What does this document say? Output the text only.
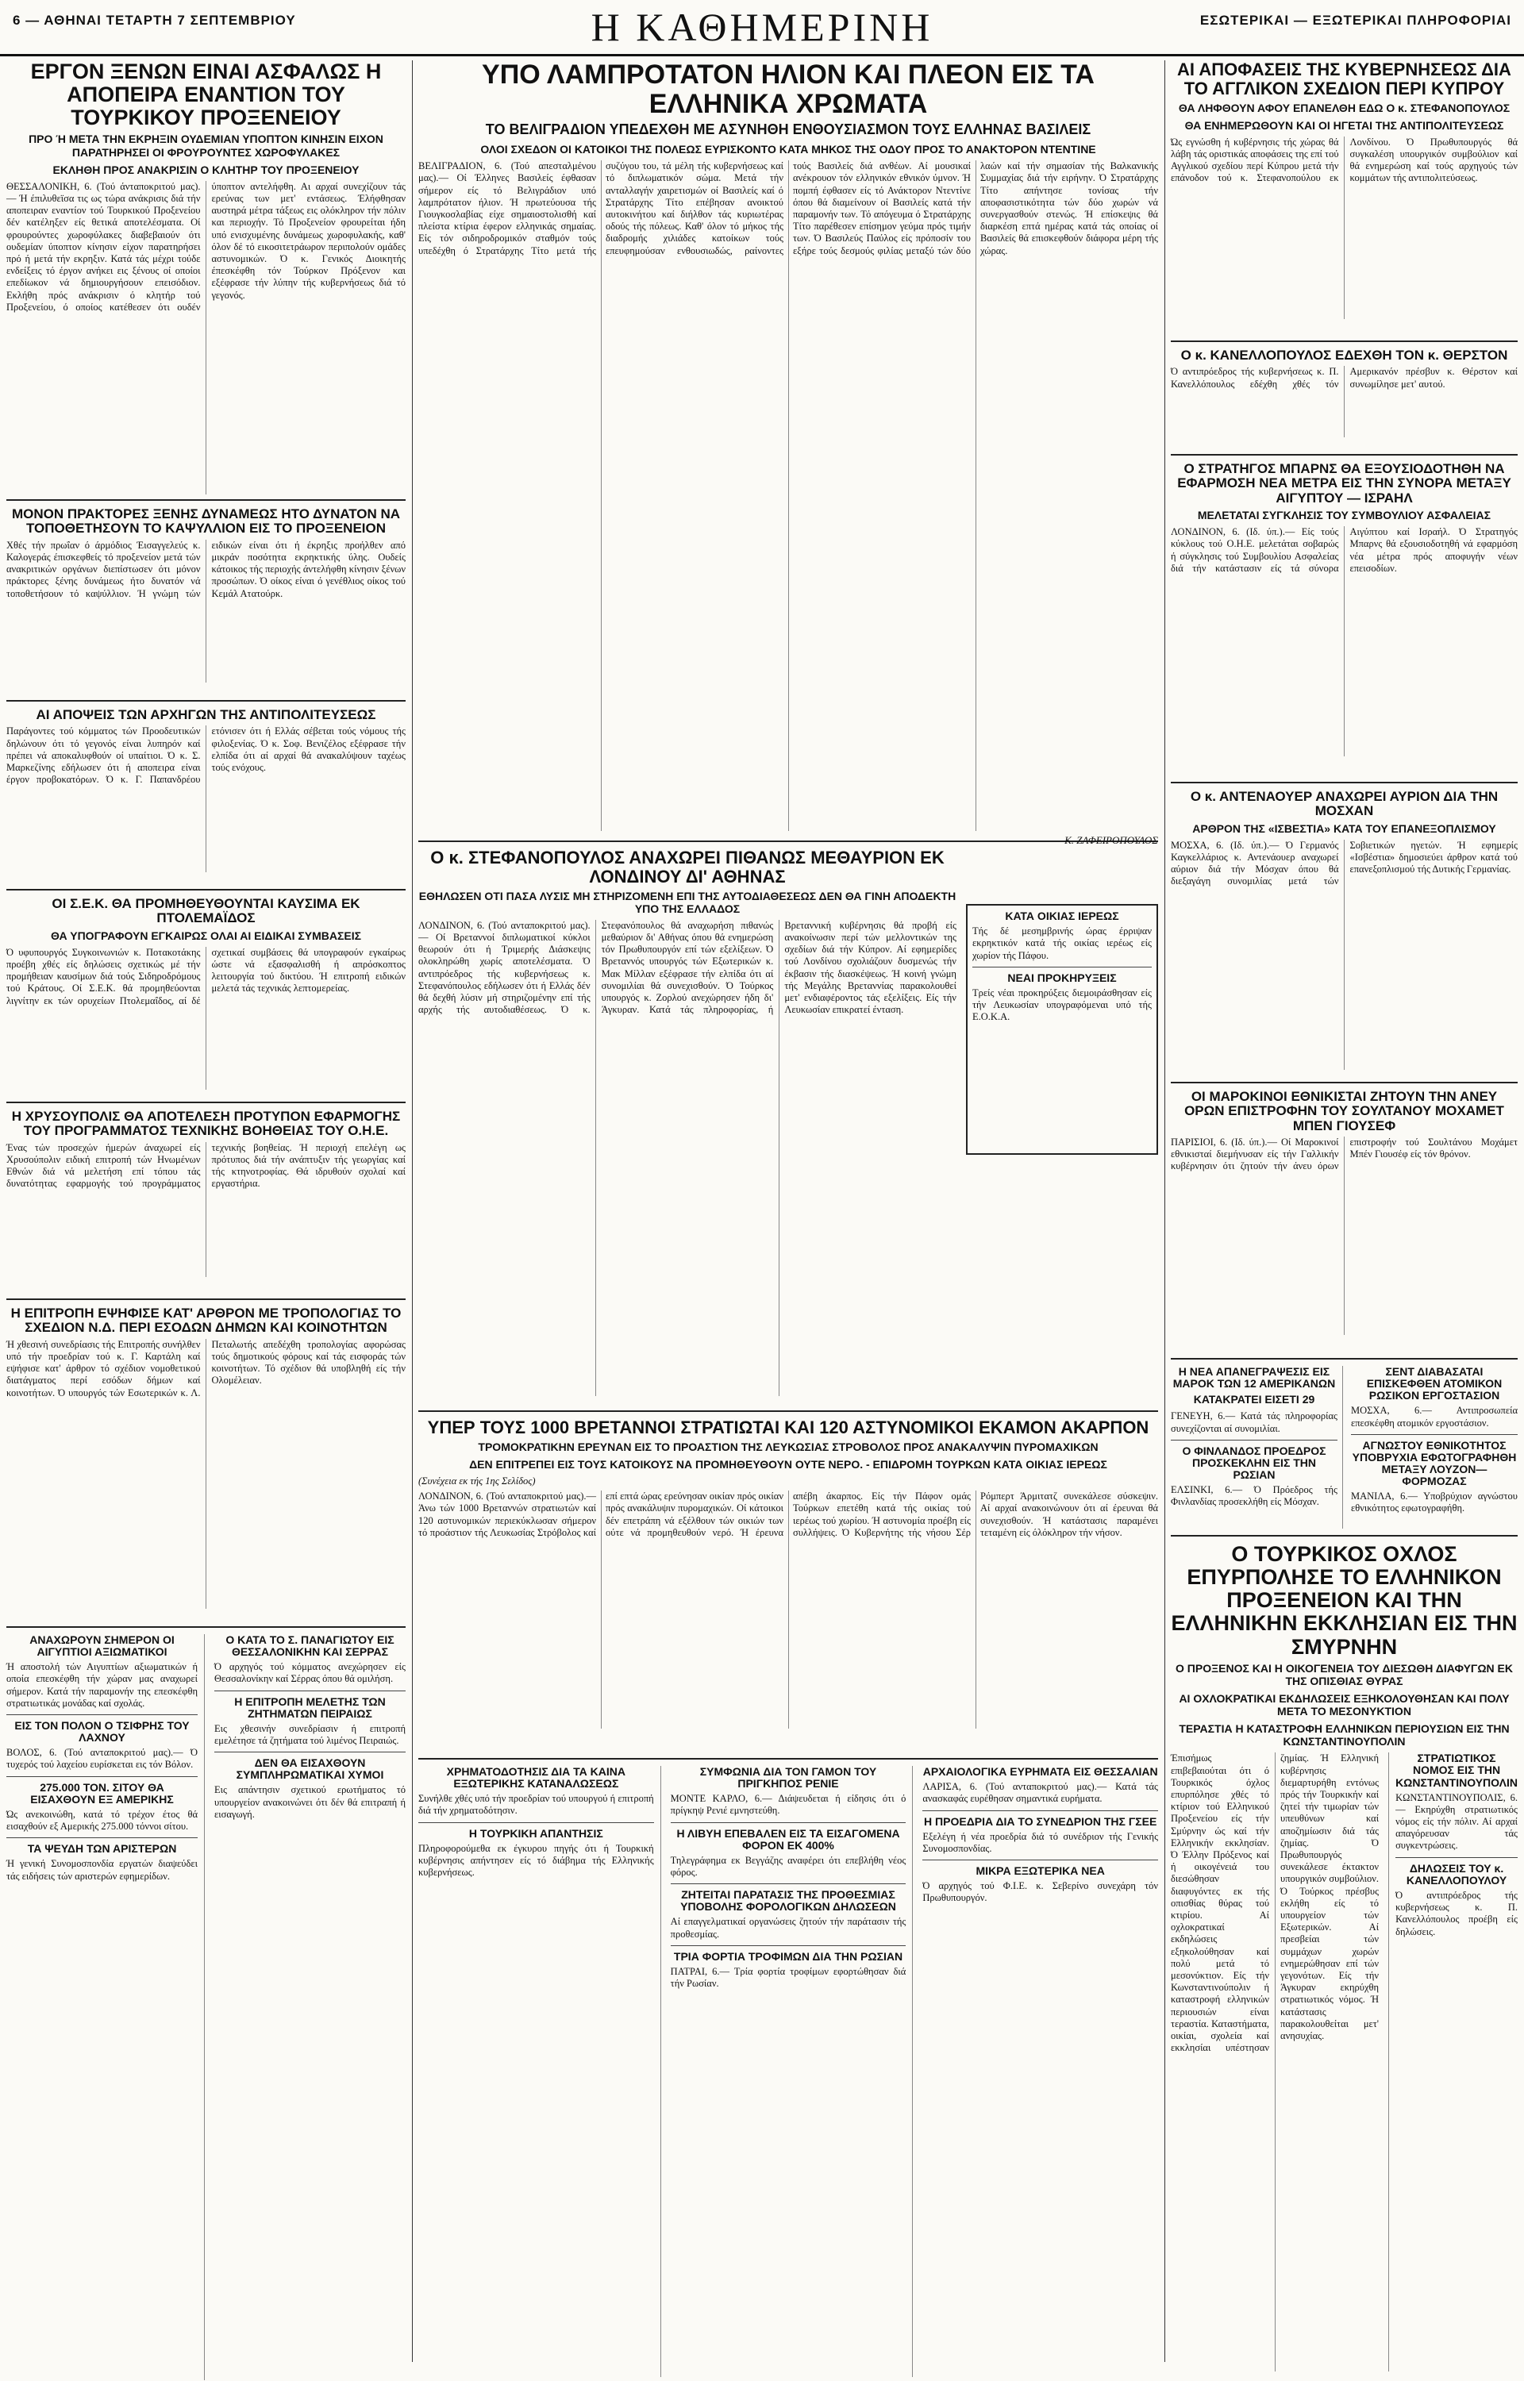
6 — ΑΘΗΝΑΙ ΤΕΤΑΡΤΗ 7 ΣΕΠΤΕΜΒΡΙΟΥ	Η ΚΑΘΗΜΕΡΙΝΗ	ΕΣΩΤΕΡΙΚΑΙ — ΕΞΩΤΕΡΙΚΑΙ ΠΛΗΡΟΦΟΡΙΑΙ
ΕΡΓΟΝ ΞΕΝΩΝ ΕΙΝΑΙ ΑΣΦΑΛΩΣ Η ΑΠΟΠΕΙΡΑ ΕΝΑΝΤΙΟΝ ΤΟΥ ΤΟΥΡΚΙΚΟΥ ΠΡΟΞΕΝΕΙΟΥ
ΠΡΟ Ή ΜΕΤΑ ΤΗΝ ΕΚΡΗΞΙΝ ΟΥΔΕΜΙΑΝ ΥΠΟΠΤΟΝ ΚΙΝΗΣΙΝ ΕΙΧΟΝ ΠΑΡΑΤΗΡΗΣΕΙ ΟΙ ΦΡΟΥΡΟΥΝΤΕΣ ΧΩΡΟΦΥΛΑΚΕΣ
ΕΚΛΗΘΗ ΠΡΟΣ ΑΝΑΚΡΙΣΙΝ Ο ΚΛΗΤΗΡ ΤΟΥ ΠΡΟΞΕΝΕΙΟΥ

ΘΕΣΣΑΛΟΝΙΚΗ, 6. (Τού άνταποκριτού μας).— Ή έπιλυθεϊσα τις ως τώρα ανάκρισις διά τήν αποπειραν εναντίον τού Τουρκικού Προξενείου δέν κατέληξεν είς θετικά αποτελέσματα. Οί φρουρούντες χωροφύλακες διαβεβαιούν ότι ουδεμίαν ύποπτον κίνησιν είχον παρατηρήσει πρό ή μετά τήν εκρηξιν. Κατά τάς μέχρι τούδε ενδείξεις τό έργον ανήκει εις ξένους οί οποίοι επεδίωκον νά δημιουργήσουν επεισόδιον. Εκλήθη πρός ανάκρισιν ό κλητήρ τού Προξενείου, ό οποίος κατέθεσεν ότι ουδέν ύποπτον αντελήφθη. Αι αρχαί συνεχίζουν τάς ερεύνας των μετ' εντάσεως. Έλήφθησαν αυστηρά μέτρα τάξεως εις ολόκληρον τήν πόλιν και περιοχήν. Τό Προξενείον φρουρείται ήδη υπό ενισχυμένης δυνάμεως χωροφυλακής, καθ' όλον δέ τό εικοσιτετράωρον περιπολούν ομάδες αστυνομικών. Ό κ. Γενικός Διοικητής έπεσκέφθη τόν Τούρκον Πρόξενον και εξέφρασε τήν λύπην τής κυβερνήσεως διά τό γεγονός.

ΜΟΝΟΝ ΠΡΑΚΤΟΡΕΣ ΞΕΝΗΣ ΔΥΝΑΜΕΩΣ ΗΤΟ ΔΥΝΑΤΟΝ ΝΑ ΤΟΠΟΘΕΤΗΣΟΥΝ ΤΟ ΚΑΨΥΛΛΙΟΝ ΕΙΣ ΤΟ ΠΡΟΞΕΝΕΙΟΝ

Χθές τήν πρωΐαν ό άρμόδιος Έισαγγελεύς κ. Καλογεράς έπισκεφθείς τό προξενείον μετά τών ανακριτικών οργάνων διεπίστωσεν ότι μόνον πράκτορες ξένης δυνάμεως ήτο δυνατόν νά τοποθετήσουν τό καψύλλιον. Ή γνώμη τών ειδικών είναι ότι ή έκρηξις προήλθεν από μικράν ποσότητα εκρηκτικής ύλης. Ουδείς κάτοικος τής περιοχής άντελήφθη κίνησιν ξένων προσώπων. Ό οίκος είναι ό γενέθλιος οίκος τού Κεμάλ Ατατούρκ.

ΑΙ ΑΠΟΨΕΙΣ ΤΩΝ ΑΡΧΗΓΩΝ ΤΗΣ ΑΝΤΙΠΟΛΙΤΕΥΣΕΩΣ

Παράγοντες τού κόμματος τών Προοδευτικών δηλώνουν ότι τό γεγονός είναι λυπηρόν καί πρέπει νά αποκαλυφθούν οί υπαίτιοι. Ό κ. Σ. Μαρκεζίνης εδήλωσεν ότι ή αποπειρα είναι έργον προβοκατόρων. Ό κ. Γ. Παπανδρέου ετόνισεν ότι ή Ελλάς σέβεται τούς νόμους τής φιλοξενίας. Ό κ. Σοφ. Βενιζέλος εξέφρασε τήν ελπίδα ότι αί αρχαί θά ανακαλύψουν ταχέως τούς ενόχους.

ΟΙ Σ.Ε.Κ. ΘΑ ΠΡΟΜΗΘΕΥΘΟΥΝΤΑΙ ΚΑΥΣΙΜΑ ΕΚ ΠΤΟΛΕΜΑΪΔΟΣ
ΘΑ ΥΠΟΓΡΑΦΟΥΝ ΕΓΚΑΙΡΩΣ ΟΛΑΙ ΑΙ ΕΙΔΙΚΑΙ ΣΥΜΒΑΣΕΙΣ

Ό υφυπουργός Συγκοινωνιών κ. Ποτακοτάκης προέβη χθές είς δηλώσεις σχετικώς μέ τήν προμήθειαν καυσίμων διά τούς Σιδηροδρόμους τού Κράτους. Οί Σ.Ε.Κ. θά προμηθεύονται λιγνίτην εκ τών ορυχείων Πτολεμαΐδος, αί δέ σχετικαί συμβάσεις θά υπογραφούν εγκαίρως ώστε νά εξασφαλισθή ή απρόσκοπτος λειτουργία τού δικτύου. Ή επιτροπή ειδικών μελετά τάς τεχνικάς λεπτομερείας.

Η ΧΡΥΣΟΥΠΟΛΙΣ ΘΑ ΑΠΟΤΕΛΕΣΗ ΠΡΟΤΥΠΟΝ ΕΦΑΡΜΟΓΗΣ ΤΟΥ ΠΡΟΓΡΑΜΜΑΤΟΣ ΤΕΧΝΙΚΗΣ ΒΟΗΘΕΙΑΣ ΤΟΥ Ο.Η.Ε.

Ένας τών προσεχών ήμερών άναχωρεί είς Χρυσούπολιν ειδική επιτροπή τών Ηνωμένων Εθνών διά νά μελετήση επί τόπου τάς δυνατότητας εφαρμογής τού προγράμματος τεχνικής βοηθείας. Ή περιοχή επελέγη ως πρότυπος διά τήν ανάπτυξιν τής γεωργίας καί τής κτηνοτροφίας. Θά ιδρυθούν σχολαί καί εργαστήρια.

Η ΕΠΙΤΡΟΠΗ ΕΨΗΦΙΣΕ ΚΑΤ' ΑΡΘΡΟΝ ΜΕ ΤΡΟΠΟΛΟΓΙΑΣ ΤΟ ΣΧΕΔΙΟΝ Ν.Δ. ΠΕΡΙ ΕΣΟΔΩΝ ΔΗΜΩΝ ΚΑΙ ΚΟΙΝΟΤΗΤΩΝ

Ή χθεσινή συνεδρίασις τής Επιτροπής συνήλθεν υπό τήν προεδρίαν τού κ. Γ. Καρτάλη καί εψήφισε κατ' άρθρον τό σχέδιον νομοθετικού διατάγματος περί εσόδων δήμων καί κοινοτήτων. Ό υπουργός τών Εσωτερικών κ. Λ. Πεταλωτής απεδέχθη τροπολογίας αφορώσας τούς δημοτικούς φόρους καί τάς εισφοράς τών κοινοτήτων. Τό σχέδιον θά υποβληθή είς τήν Ολομέλειαν.

ΑΝΑΧΩΡΟΥΝ ΣΗΜΕΡΟΝ ΟΙ ΑΙΓΥΠΤΙΟΙ ΑΞΙΩΜΑΤΙΚΟΙ

Ή αποστολή τών Αιγυπτίων αξιωματικών ή οποία επεσκέφθη τήν χώραν μας αναχωρεί σήμερον. Κατά τήν παραμονήν της επεσκέφθη στρατιωτικάς μονάδας καί σχολάς.

ΕΙΣ ΤΟΝ ΠΟΛΟΝ Ο ΤΣΙΦΡΗΣ ΤΟΥ ΛΑΧΝΟΥ

ΒΟΛΟΣ, 6. (Τού ανταποκριτού μας).— Ό τυχερός τού λαχείου ευρίσκεται εις τόν Βόλον.

275.000 ΤΟΝ. ΣΙΤΟΥ ΘΑ ΕΙΣΑΧΘΟΥΝ ΕΞ ΑΜΕΡΙΚΗΣ

Ώς ανεκοινώθη, κατά τό τρέχον έτος θά εισαχθούν εξ Αμερικής 275.000 τόννοι σίτου.

ΤΑ ΨΕΥΔΗ ΤΩΝ ΑΡΙΣΤΕΡΩΝ

Ή γενική Συνομοσπονδία εργατών διαψεύδει τάς ειδήσεις τών αριστερών εφημερίδων.

Ο ΚΑΤΑ ΤΟ Σ. ΠΑΝΑΓΙΩΤΟΥ ΕΙΣ ΘΕΣΣΑΛΟΝΙΚΗΝ ΚΑΙ ΣΕΡΡΑΣ

Ό αρχηγός τού κόμματος ανεχώρησεν είς Θεσσαλονίκην καί Σέρρας όπου θά ομιλήση.

Η ΕΠΙΤΡΟΠΗ ΜΕΛΕΤΗΣ ΤΩΝ ΖΗΤΗΜΑΤΩΝ ΠΕΙΡΑΙΩΣ

Εις χθεσινήν συνεδρίασιν ή επιτροπή εμελέτησε τά ζητήματα τού λιμένος Πειραιώς.

ΔΕΝ ΘΑ ΕΙΣΑΧΘΟΥΝ ΣΥΜΠΛΗΡΩΜΑΤΙΚΑΙ ΧΥΜΟΙ

Εις απάντησιν σχετικού ερωτήματος τό υπουργείον ανακοινώνει ότι δέν θά επιτραπή ή εισαγωγή.

ΥΠΟ ΛΑΜΠΡΟΤΑΤΟΝ ΗΛΙΟΝ ΚΑΙ ΠΛΕΟΝ ΕΙΣ ΤΑ ΕΛΛΗΝΙΚΑ ΧΡΩΜΑΤΑ
ΤΟ ΒΕΛΙΓΡΑΔΙΟΝ ΥΠΕΔΕΧΘΗ ΜΕ ΑΣΥΝΗΘΗ ΕΝΘΟΥΣΙΑΣΜΟΝ ΤΟΥΣ ΕΛΛΗΝΑΣ ΒΑΣΙΛΕΙΣ
ΟΛΟΙ ΣΧΕΔΟΝ ΟΙ ΚΑΤΟΙΚΟΙ ΤΗΣ ΠΟΛΕΩΣ ΕΥΡΙΣΚΟΝΤΟ ΚΑΤΑ ΜΗΚΟΣ ΤΗΣ ΟΔΟΥ ΠΡΟΣ ΤΟ ΑΝΑΚΤΟΡΟΝ ΝΤΕΝΤΙΝΕ

ΒΕΛΙΓΡΑΔΙΟΝ, 6. (Τού απεσταλμένου μας).— Οί Έλληνες Βασιλείς έφθασαν σήμερον είς τό Βελιγράδιον υπό λαμπρότατον ήλιον. Ή πρωτεύουσα τής Γιουγκοσλαβίας είχε σημαιοστολισθή καί πλείστα κτίρια έφερον ελληνικάς σημαίας. Είς τόν σιδηροδρομικόν σταθμόν τούς υπεδέχθη ό Στρατάρχης Τίτο μετά τής συζύγου του, τά μέλη τής κυβερνήσεως καί τό διπλωματικόν σώμα. Μετά τήν ανταλλαγήν χαιρετισμών οί Βασιλείς καί ό Στρατάρχης Τίτο επέβησαν ανοικτού αυτοκινήτου καί διήλθον τάς κυριωτέρας οδούς τής πόλεως. Καθ' όλον τό μήκος τής διαδρομής χιλιάδες κατοίκων τούς επευφημούσαν ενθουσιωδώς, ραίνοντες τούς Βασιλείς διά ανθέων. Αί μουσικαί ανέκρουον τόν ελληνικόν εθνικόν ύμνον. Ή πομπή έφθασεν είς τό Ανάκτορον Ντεντίνε όπου θά διαμείνουν οί Βασιλείς κατά τήν παραμονήν των. Τό απόγευμα ό Στρατάρχης Τίτο παρέθεσεν επίσημον γεύμα πρός τιμήν των. Ό Βασιλεύς Παύλος είς πρόποσίν του εξήρε τούς δεσμούς φιλίας μεταξύ τών δύο λαών καί τήν σημασίαν τής Βαλκανικής Συμμαχίας διά τήν ειρήνην. Ό Στρατάρχης Τίτο απήντησε τονίσας τήν αποφασιστικότητα τών δύο χωρών νά συνεργασθούν στενώς. Ή επίσκεψις θά διαρκέση επτά ημέρας κατά τάς οποίας οί Βασιλείς θά επισκεφθούν διάφορα μέρη τής χώρας.

Κ. ΖΑΦΕΙΡΟΠΟΥΛΟΣ
Ο κ. ΣΤΕΦΑΝΟΠΟΥΛΟΣ ΑΝΑΧΩΡΕΙ ΠΙΘΑΝΩΣ ΜΕΘΑΥΡΙΟΝ ΕΚ ΛΟΝΔΙΝΟΥ ΔΙ' ΑΘΗΝΑΣ
ΕΘΗΛΩΣΕΝ ΟΤΙ ΠΑΣΑ ΛΥΣΙΣ ΜΗ ΣΤΗΡΙΖΟΜΕΝΗ ΕΠΙ ΤΗΣ ΑΥΤΟΔΙΑΘΕΣΕΩΣ ΔΕΝ ΘΑ ΓΙΝΗ ΑΠΟΔΕΚΤΗ ΥΠΟ ΤΗΣ ΕΛΛΑΔΟΣ

ΛΟΝΔΙΝΟΝ, 6. (Τού ανταποκριτού μας).— Οί Βρεταννοί διπλωματικοί κύκλοι θεωρούν ότι ή Τριμερής Διάσκεψις ολοκληρώθη χωρίς αποτελέσματα. Ό αντιπρόεδρος τής κυβερνήσεως κ. Στεφανόπουλος εδήλωσεν ότι ή Ελλάς δέν θά δεχθή λύσιν μή στηριζομένην επί τής αρχής τής αυτοδιαθέσεως. Ό κ. Στεφανόπουλος θά αναχωρήση πιθανώς μεθαύριον δι' Αθήνας όπου θά ενημερώση τόν Πρωθυπουργόν επί τών εξελίξεων. Ό Βρεταννός υπουργός τών Εξωτερικών κ. Μακ Μίλλαν εξέφρασε τήν ελπίδα ότι αί συνομιλίαι θά συνεχισθούν. Ό Τούρκος υπουργός κ. Ζορλού ανεχώρησεν ήδη δι' Άγκυραν. Κατά τάς πληροφορίας, ή Βρεταννική κυβέρνησις θά προβή είς ανακοίνωσιν περί τών μελλοντικών της σχεδίων διά τήν Κύπρον. Αί εφημερίδες τού Λονδίνου σχολιάζουν δυσμενώς τήν έκβασιν τής διασκέψεως. Ή κοινή γνώμη τής Μεγάλης Βρεταννίας παρακολουθεί μετ' ενδιαφέροντος τάς εξελίξεις. Είς τήν Λευκωσίαν επικρατεί ένταση.

ΚΑΤΑ ΟΙΚΙΑΣ ΙΕΡΕΩΣ

Τής δέ μεσημβρινής ώρας έρριψαν εκρηκτικόν κατά τής οικίας ιερέως είς χωρίον τής Πάφου.

ΝΕΑΙ ΠΡΟΚΗΡΥΞΕΙΣ

Τρείς νέαι προκηρύξεις διεμοιράσθησαν είς τήν Λευκωσίαν υπογραφόμεναι υπό τής Ε.Ο.Κ.Α.

ΥΠΕΡ ΤΟΥΣ 1000 ΒΡΕΤΑΝΝΟΙ ΣΤΡΑΤΙΩΤΑΙ ΚΑΙ 120 ΑΣΤΥΝΟΜΙΚΟΙ ΕΚΑΜΟΝ ΑΚΑΡΠΟΝ
ΤΡΟΜΟΚΡΑΤΙΚΗΝ ΕΡΕΥΝΑΝ ΕΙΣ ΤΟ ΠΡΟΑΣΤΙΟΝ ΤΗΣ ΛΕΥΚΩΣΙΑΣ ΣΤΡΟΒΟΛΟΣ ΠΡΟΣ ΑΝΑΚΑΛΥΨΙΝ ΠΥΡΟΜΑΧΙΚΩΝ
ΔΕΝ ΕΠΙΤΡΕΠΕΙ ΕΙΣ ΤΟΥΣ ΚΑΤΟΙΚΟΥΣ ΝΑ ΠΡΟΜΗΘΕΥΘΟΥΝ ΟΥΤΕ ΝΕΡΟ. - ΕΠΙΔΡΟΜΗ ΤΟΥΡΚΩΝ ΚΑΤΑ ΟΙΚΙΑΣ ΙΕΡΕΩΣ

(Συνέχεια εκ τής 1ης Σελίδος)

ΛΟΝΔΙΝΟΝ, 6. (Τού ανταποκριτού μας).— Άνω τών 1000 Βρεταννών στρατιωτών καί 120 αστυνομικών περιεκύκλωσαν σήμερον τό προάστιον τής Λευκωσίας Στρόβολος καί επί επτά ώρας ερεύνησαν οικίαν πρός οικίαν πρός ανακάλυψιν πυρομαχικών. Οί κάτοικοι δέν επετράπη νά εξέλθουν τών οικιών των ούτε νά προμηθευθούν νερό. Ή έρευνα απέβη άκαρπος. Είς τήν Πάφον ομάς Τούρκων επετέθη κατά τής οικίας τού ιερέως τού χωρίου. Ή αστυνομία προέβη είς συλλήψεις. Ό Κυβερνήτης τής νήσου Σέρ Ρόμπερτ Άρμιτατζ συνεκάλεσε σύσκεψιν. Αί αρχαί ανακοινώνουν ότι αί έρευναι θά συνεχισθούν. Ή κατάστασις παραμένει τεταμένη είς όλόκληρον τήν νήσον.

ΧΡΗΜΑΤΟΔΟΤΗΣΙΣ ΔΙΑ ΤΑ ΚΑΙΝΑ ΕΞΩΤΕΡΙΚΗΣ ΚΑΤΑΝΑΛΩΣΕΩΣ

Συνήλθε χθές υπό τήν προεδρίαν τού υπουργού ή επιτροπή διά τήν χρηματοδότησιν.

Η ΤΟΥΡΚΙΚΗ ΑΠΑΝΤΗΣΙΣ

Πληροφορούμεθα εκ έγκυρου πηγής ότι ή Τουρκική κυβέρνησις απήντησεν είς τό διάβημα τής Ελληνικής κυβερνήσεως.

ΣΥΜΦΩΝΙΑ ΔΙΑ ΤΟΝ ΓΑΜΟΝ ΤΟΥ ΠΡΙΓΚΗΠΟΣ ΡΕΝΙΕ

ΜΟΝΤΕ ΚΑΡΛΟ, 6.— Διάψευδεται ή είδησις ότι ό πρίγκηψ Ρενιέ εμνηστεύθη.

Η ΛΙΒΥΗ ΕΠΕΒΑΛΕΝ ΕΙΣ ΤΑ ΕΙΣΑΓΟΜΕΝΑ ΦΟΡΟΝ ΕΚ 400%

Τηλεγράφημα εκ Βεγγάζης αναφέρει ότι επεβλήθη νέος φόρος.

ΖΗΤΕΙΤΑΙ ΠΑΡΑΤΑΣΙΣ ΤΗΣ ΠΡΟΘΕΣΜΙΑΣ ΥΠΟΒΟΛΗΣ ΦΟΡΟΛΟΓΙΚΩΝ ΔΗΛΩΣΕΩΝ

Αί επαγγελματικαί οργανώσεις ζητούν τήν παράτασιν τής προθεσμίας.

ΤΡΙΑ ΦΟΡΤΙΑ ΤΡΟΦΙΜΩΝ ΔΙΑ ΤΗΝ ΡΩΣΙΑΝ

ΠΑΤΡΑΙ, 6.— Τρία φορτία τροφίμων εφορτώθησαν διά τήν Ρωσίαν.

ΑΡΧΑΙΟΛΟΓΙΚΑ ΕΥΡΗΜΑΤΑ ΕΙΣ ΘΕΣΣΑΛΙΑΝ

ΛΑΡΙΣΑ, 6. (Τού ανταποκριτού μας).— Κατά τάς ανασκαφάς ευρέθησαν σημαντικά ευρήματα.

Η ΠΡΟΕΔΡΙΑ ΔΙΑ ΤΟ ΣΥΝΕΔΡΙΟΝ ΤΗΣ ΓΣΕΕ

Εξελέγη ή νέα προεδρία διά τό συνέδριον τής Γενικής Συνομοσπονδίας.

ΜΙΚΡΑ ΕΞΩΤΕΡΙΚΑ ΝΕΑ

Ό αρχηγός τού Φ.Ι.Ε. κ. Σεβερίνο συνεχάρη τόν Πρωθυπουργόν.

ΑΙ ΑΠΟΦΑΣΕΙΣ ΤΗΣ ΚΥΒΕΡΝΗΣΕΩΣ ΔΙΑ ΤΟ ΑΓΓΛΙΚΟΝ ΣΧΕΔΙΟΝ ΠΕΡΙ ΚΥΠΡΟΥ
ΘΑ ΛΗΦΘΟΥΝ ΑΦΟΥ ΕΠΑΝΕΛΘΗ ΕΔΩ Ο κ. ΣΤΕΦΑΝΟΠΟΥΛΟΣ
ΘΑ ΕΝΗΜΕΡΩΘΟΥΝ ΚΑΙ ΟΙ ΗΓΕΤΑΙ ΤΗΣ ΑΝΤΙΠΟΛΙΤΕΥΣΕΩΣ

Ώς εγνώσθη ή κυβέρνησις τής χώρας θά λάβη τάς οριστικάς αποφάσεις της επί τού Αγγλικού σχεδίου περί Κύπρου μετά τήν επάνοδον τού κ. Στεφανοπούλου εκ Λονδίνου. Ό Πρωθυπουργός θά συγκαλέση υπουργικόν συμβούλιον καί θά ενημερώση καί τούς αρχηγούς τών κομμάτων τής αντιπολιτεύσεως.

Ο κ. ΚΑΝΕΛΛΟΠΟΥΛΟΣ ΕΔΕΧΘΗ ΤΟΝ κ. ΘΕΡΣΤΟΝ

Ό αντιπρόεδρος τής κυβερνήσεως κ. Π. Κανελλόπουλος εδέχθη χθές τόν Αμερικανόν πρέσβυν κ. Θέρστον καί συνωμίλησε μετ' αυτού.

Ο ΣΤΡΑΤΗΓΟΣ ΜΠΑΡΝΣ ΘΑ ΕΞΟΥΣΙΟΔΟΤΗΘΗ ΝΑ ΕΦΑΡΜΟΣΗ ΝΕΑ ΜΕΤΡΑ ΕΙΣ ΤΗΝ ΣΥΝΟΡΑ ΜΕΤΑΞΥ ΑΙΓΥΠΤΟΥ — ΙΣΡΑΗΛ
ΜΕΛΕΤΑΤΑΙ ΣΥΓΚΛΗΣΙΣ ΤΟΥ ΣΥΜΒΟΥΛΙΟΥ ΑΣΦΑΛΕΙΑΣ

ΛΟΝΔΙΝΟΝ, 6. (Ιδ. ύπ.).— Είς τούς κύκλους τού Ο.Η.Ε. μελετάται σοβαρώς ή σύγκλησις τού Συμβουλίου Ασφαλείας διά τήν κατάστασιν είς τά σύνορα Αιγύπτου καί Ισραήλ. Ό Στρατηγός Μπαρνς θά εξουσιοδοτηθή νά εφαρμόση νέα μέτρα πρός αποφυγήν νέων επεισοδίων.

Ο κ. ΑΝΤΕΝΑΟΥΕΡ ΑΝΑΧΩΡΕΙ ΑΥΡΙΟΝ ΔΙΑ ΤΗΝ ΜΟΣΧΑΝ
ΑΡΘΡΟΝ ΤΗΣ «ΙΣΒΕΣΤΙΑ» ΚΑΤΑ ΤΟΥ ΕΠΑΝΕΞΟΠΛΙΣΜΟΥ

ΜΟΣΧΑ, 6. (Ιδ. ύπ.).— Ό Γερμανός Καγκελλάριος κ. Αντενάουερ αναχωρεί αύριον διά τήν Μόσχαν όπου θά διεξαγάγη συνομιλίας μετά τών Σοβιετικών ηγετών. Ή εφημερίς «Ισβέστια» δημοσιεύει άρθρον κατά τού επανεξοπλισμού τής Δυτικής Γερμανίας.

ΟΙ ΜΑΡΟΚΙΝΟΙ ΕΘΝΙΚΙΣΤΑΙ ΖΗΤΟΥΝ ΤΗΝ ΑΝΕΥ ΟΡΩΝ ΕΠΙΣΤΡΟΦΗΝ ΤΟΥ ΣΟΥΛΤΑΝΟΥ ΜΟΧΑΜΕΤ ΜΠΕΝ ΓΙΟΥΣΕΦ

ΠΑΡΙΣΙΟΙ, 6. (Ιδ. ύπ.).— Οί Μαροκινοί εθνικισταί διεμήνυσαν είς τήν Γαλλικήν κυβέρνησιν ότι ζητούν τήν άνευ όρων επιστροφήν τού Σουλτάνου Μοχάμετ Μπέν Γιουσέφ είς τόν θρόνον.

Η ΝΕΑ ΑΠΑΝΕΓΡΑΨΕΣΙΣ ΕΙΣ ΜΑΡΟΚ ΤΩΝ 12 ΑΜΕΡΙΚΑΝΩΝ
ΚΑΤΑΚΡΑΤΕΙ ΕΙΣΕΤΙ 29

ΓΕΝΕΥΗ, 6.— Κατά τάς πληροφορίας συνεχίζονται αί συνομιλίαι.

Ο ΦΙΝΛΑΝΔΟΣ ΠΡΟΕΔΡΟΣ ΠΡΟΣΚΕΚΛΗΝ ΕΙΣ ΤΗΝ ΡΩΣΙΑΝ

ΕΛΣΙΝΚΙ, 6.— Ό Πρόεδρος τής Φινλανδίας προσεκλήθη είς Μόσχαν.

ΣΕΝΤ ΔΙΑΒΑΣΑΤΑΙ ΕΠΙΣΚΕΦΘΕΝ ΑΤΟΜΙΚΟΝ ΡΩΣΙΚΟΝ ΕΡΓΟΣΤΑΣΙΟΝ

ΜΟΣΧΑ, 6.— Αντιπροσωπεία επεσκέφθη ατομικόν εργοστάσιον.

ΑΓΝΩΣΤΟΥ ΕΘΝΙΚΟΤΗΤΟΣ ΥΠΟΒΡΥΧΙΑ ΕΦΩΤΟΓΡΑΦΗΘΗ ΜΕΤΑΞΥ ΛΟΥΖΟΝ—ΦΟΡΜΟΖΑΣ

ΜΑΝΙΛΑ, 6.— Υποβρύχιον αγνώστου εθνικότητος εφωτογραφήθη.

Ο ΤΟΥΡΚΙΚΟΣ ΟΧΛΟΣ ΕΠΥΡΠΟΛΗΣΕ ΤΟ ΕΛΛΗΝΙΚΟΝ ΠΡΟΞΕΝΕΙΟΝ ΚΑΙ ΤΗΝ ΕΛΛΗΝΙΚΗΝ ΕΚΚΛΗΣΙΑΝ ΕΙΣ ΤΗΝ ΣΜΥΡΝΗΝ
Ο ΠΡΟΞΕΝΟΣ ΚΑΙ Η ΟΙΚΟΓΕΝΕΙΑ ΤΟΥ ΔΙΕΣΩΘΗ ΔΙΑΦΥΓΩΝ ΕΚ ΤΗΣ ΟΠΙΣΘΙΑΣ ΘΥΡΑΣ
ΑΙ ΟΧΛΟΚΡΑΤΙΚΑΙ ΕΚΔΗΛΩΣΕΙΣ ΕΞΗΚΟΛΟΥΘΗΣΑΝ ΚΑΙ ΠΟΛΥ ΜΕΤΑ ΤΟ ΜΕΣΟΝΥΚΤΙΟΝ
ΤΕΡΑΣΤΙΑ Η ΚΑΤΑΣΤΡΟΦΗ ΕΛΛΗΝΙΚΩΝ ΠΕΡΙΟΥΣΙΩΝ ΕΙΣ ΤΗΝ ΚΩΝΣΤΑΝΤΙΝΟΥΠΟΛΙΝ

Έπισήμως επιβεβαιούται ότι ό Τουρκικός όχλος επυρπόλησε χθές τό κτίριον τού Ελληνικού Προξενείου είς τήν Σμύρνην ώς καί τήν Ελληνικήν εκκλησίαν. Ό Έλλην Πρόξενος καί ή οικογένειά του διεσώθησαν διαφυγόντες εκ τής οπισθίας θύρας τού κτιρίου. Αί οχλοκρατικαί εκδηλώσεις εξηκολούθησαν καί πολύ μετά τό μεσονύκτιον. Είς τήν Κωνσταντινούπολιν ή καταστροφή ελληνικών περιουσιών είναι τεραστία. Καταστήματα, οικίαι, σχολεία καί εκκλησίαι υπέστησαν ζημίας. Ή Ελληνική κυβέρνησις διεμαρτυρήθη εντόνως πρός τήν Τουρκικήν καί ζητεί τήν τιμωρίαν τών υπευθύνων καί αποζημίωσιν διά τάς ζημίας. Ό Πρωθυπουργός συνεκάλεσε έκτακτον υπουργικόν συμβούλιον. Ό Τούρκος πρέσβυς εκλήθη είς τό υπουργείον τών Εξωτερικών. Αί πρεσβείαι τών συμμάχων χωρών ενημερώθησαν επί τών γεγονότων. Είς τήν Άγκυραν εκηρύχθη στρατιωτικός νόμος. Ή κατάστασις παρακολουθείται μετ' ανησυχίας.

ΣΤΡΑΤΙΩΤΙΚΟΣ ΝΟΜΟΣ ΕΙΣ ΤΗΝ ΚΩΝΣΤΑΝΤΙΝΟΥΠΟΛΙΝ

ΚΩΝΣΤΑΝΤΙΝΟΥΠΟΛΙΣ, 6.— Εκηρύχθη στρατιωτικός νόμος είς τήν πόλιν. Αί αρχαί απαγόρευσαν τάς συγκεντρώσεις.

ΔΗΛΩΣΕΙΣ ΤΟΥ κ. ΚΑΝΕΛΛΟΠΟΥΛΟΥ

Ό αντιπρόεδρος τής κυβερνήσεως κ. Π. Κανελλόπουλος προέβη είς δηλώσεις.
